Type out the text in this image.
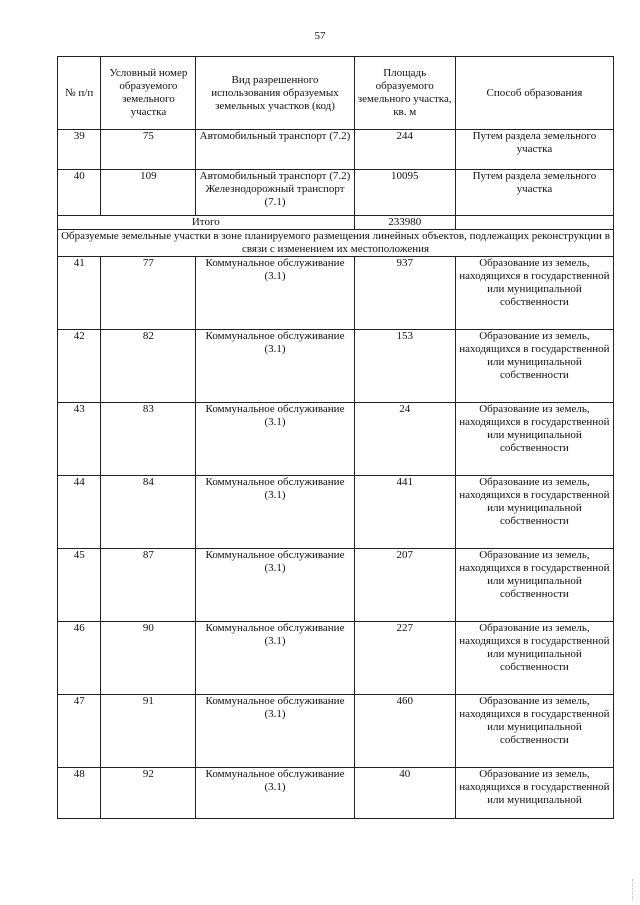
57
№ п/п	Условный номер образуемого земельного участка	Вид разрешенного использования образуемых земельных участков (код)	Площадь образуемого земельного участка, кв. м	Способ образования
39	75	Автомобильный транспорт (7.2)	244	Путем раздела земельного участка
40	109	Автомобильный транспорт (7.2) Железнодорожный транспорт (7.1)	10095	Путем раздела земельного участка
Итого			233980	
Образуемые земельные участки в зоне планируемого размещения линейных объектов, подлежащих реконструкции в связи с изменением их местоположения				
41	77	Коммунальное обслуживание (3.1)	937	Образование из земель, находящихся в государственной или муниципальной собственности
42	82	Коммунальное обслуживание (3.1)	153	Образование из земель, находящихся в государственной или муниципальной собственности
43	83	Коммунальное обслуживание (3.1)	24	Образование из земель, находящихся в государственной или муниципальной собственности
44	84	Коммунальное обслуживание (3.1)	441	Образование из земель, находящихся в государственной или муниципальной собственности
45	87	Коммунальное обслуживание (3.1)	207	Образование из земель, находящихся в государственной или муниципальной собственности
46	90	Коммунальное обслуживание (3.1)	227	Образование из земель, находящихся в государственной или муниципальной собственности
47	91	Коммунальное обслуживание (3.1)	460	Образование из земель, находящихся в государственной или муниципальной собственности
48	92	Коммунальное обслуживание (3.1)	40	Образование из земель, находящихся в государственной или муниципальной
